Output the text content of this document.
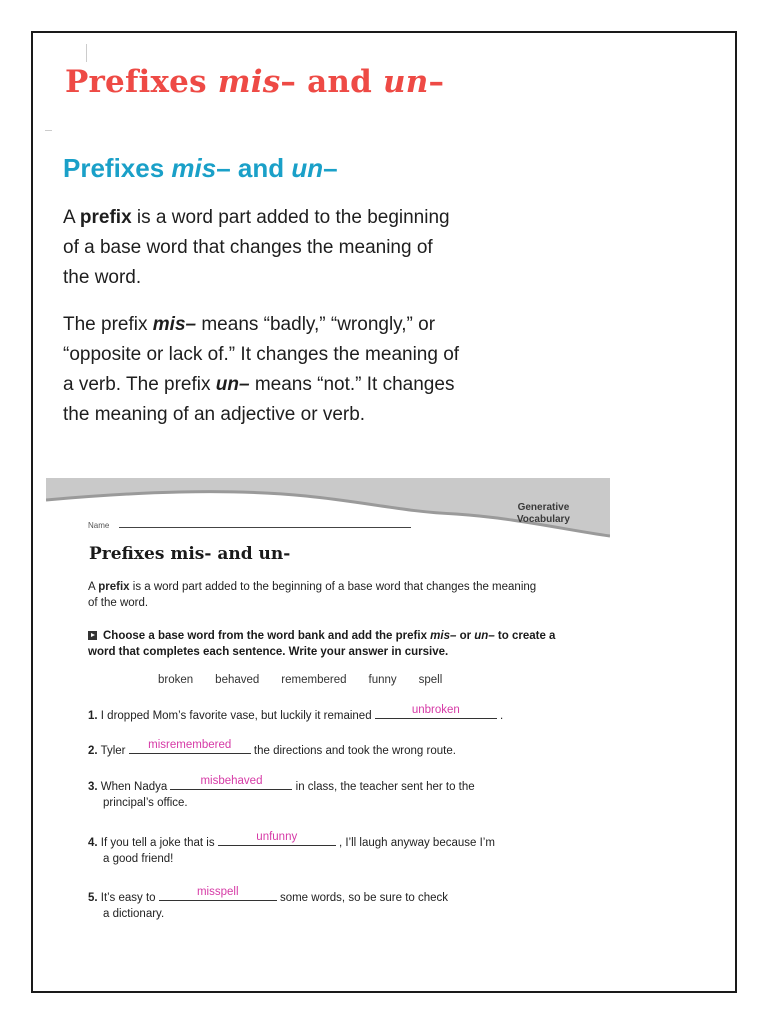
Prefixes mis– and un–
Prefixes mis– and un–

A prefix is a word part added to the beginning of a base word that changes the meaning of the word.

The prefix mis– means “badly,” “wrongly,” or “opposite or lack of.” It changes the meaning of a verb. The prefix un– means “not.” It changes the meaning of an adjective or verb.

Generative
Vocabulary
Name
Prefixes mis- and un-

A prefix is a word part added to the beginning of a base word that changes the meaning of the word.

Choose a base word from the word bank and add the prefix mis– or un– to create a word that completes each sentence. Write your answer in cursive.

broken behaved remembered funny spell

1. I dropped Mom’s favorite vase, but luckily it remained	unbroken	.

2. Tyler	misremembered	the directions and took the wrong route.

3. When Nadya	misbehaved	in class, the teacher sent her to the
principal’s office.

4. If you tell a joke that is	unfunny	, I’ll laugh anyway because I’m
a good friend!

5. It’s easy to	misspell	some words, so be sure to check
a dictionary.
